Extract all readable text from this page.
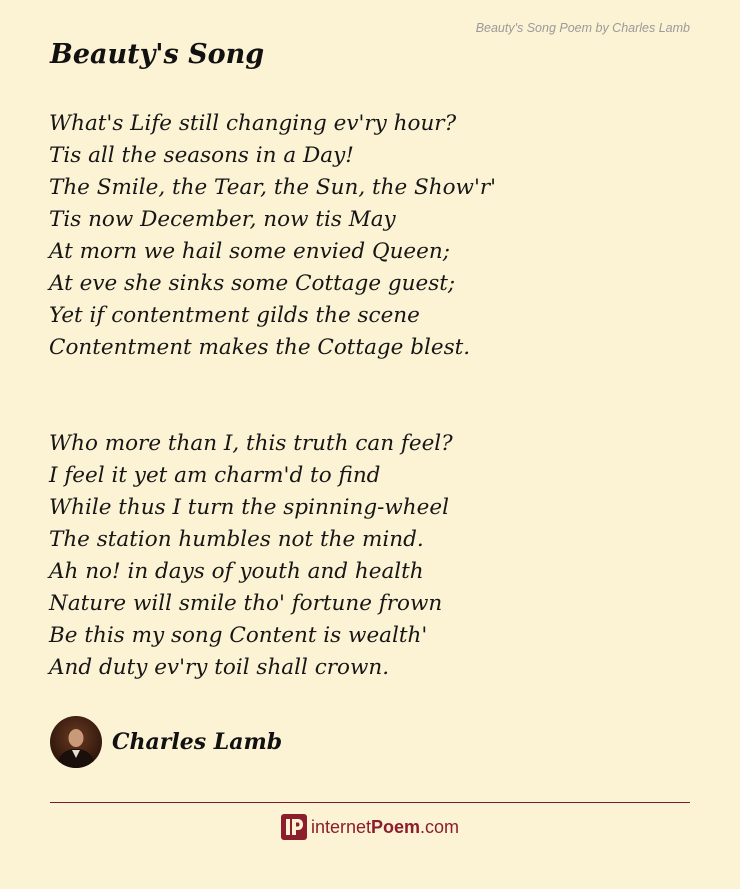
Beauty's Song Poem by Charles Lamb
Beauty's Song
What's Life still changing ev'ry hour?
Tis all the seasons in a Day!
The Smile, the Tear, the Sun, the Show'r'
Tis now December, now tis May
At morn we hail some envied Queen;
At eve she sinks some Cottage guest;
Yet if contentment gilds the scene
Contentment makes the Cottage blest.
Who more than I, this truth can feel?
I feel it yet am charm'd to find
While thus I turn the spinning-wheel
The station humbles not the mind.
Ah no! in days of youth and health
Nature will smile tho' fortune frown
Be this my song Content is wealth'
And duty ev'ry toil shall crown.
Charles Lamb
internetPoem.com
